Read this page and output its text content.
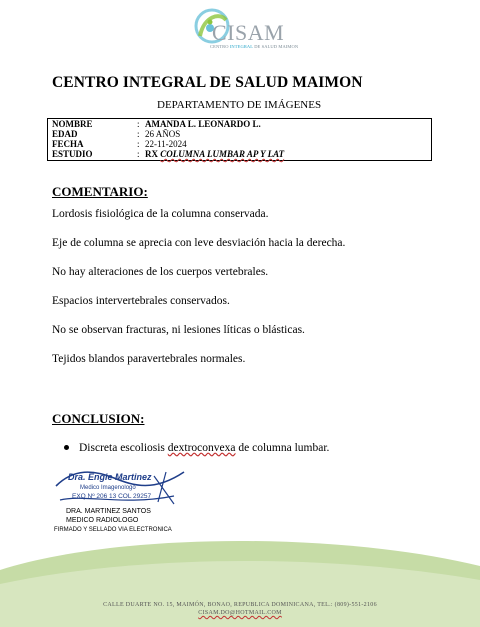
CISAM
CENTRO INTEGRAL DE SALUD MAIMON
CENTRO INTEGRAL DE SALUD MAIMON
DEPARTAMENTO DE IMÁGENES
NOMBRE	: AMANDA L. LEONARDO L.
EDAD	: 26 AÑOS
FECHA	: 22-11-2024
ESTUDIO	: RX COLUMNA LUMBAR AP Y LAT
COMENTARIO:
Lordosis fisiológica de la columna conservada.
Eje de columna se aprecia con leve desviación hacia la derecha.
No hay alteraciones de los cuerpos vertebrales.
Espacios intervertebrales conservados.
No se observan fracturas, ni lesiones líticas o blásticas.
Tejidos blandos paravertebrales normales.
CONCLUSION:
Discreta escoliosis dextroconvexa de columna lumbar.
Dra. Engie Martinez
Medico Imagenologo
EXQ Nº 206 13 COL 29257
DRA. MARTINEZ SANTOS
MEDICO RADIOLOGO
FIRMADO Y SELLADO VIA ELECTRONICA
CALLE DUARTE NO. 15, MAIMÓN, BONAO, REPUBLICA DOMINICANA, TEL.: (809)-551-2106
CISAM.DO@HOTMAIL.COM
